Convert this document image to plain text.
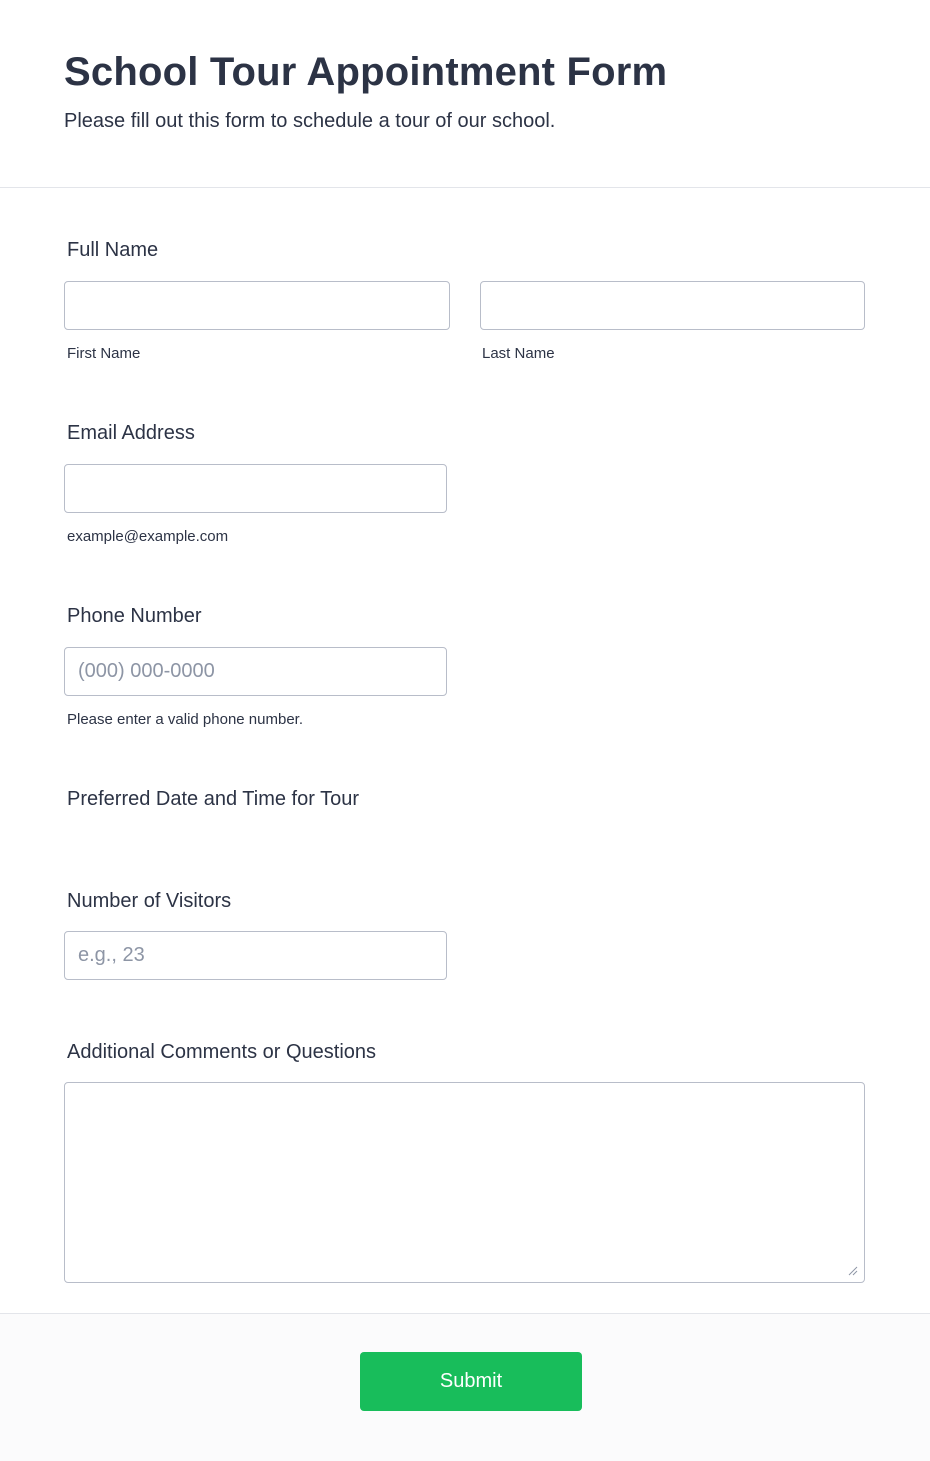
School Tour Appointment Form

Please fill out this form to schedule a tour of our school.

Full Name
First Name	Last Name
Email Address
example@example.com
Phone Number
(000) 000-0000
Please enter a valid phone number.
Preferred Date and Time for Tour
Number of Visitors
e.g., 23
Additional Comments or Questions
Submit
